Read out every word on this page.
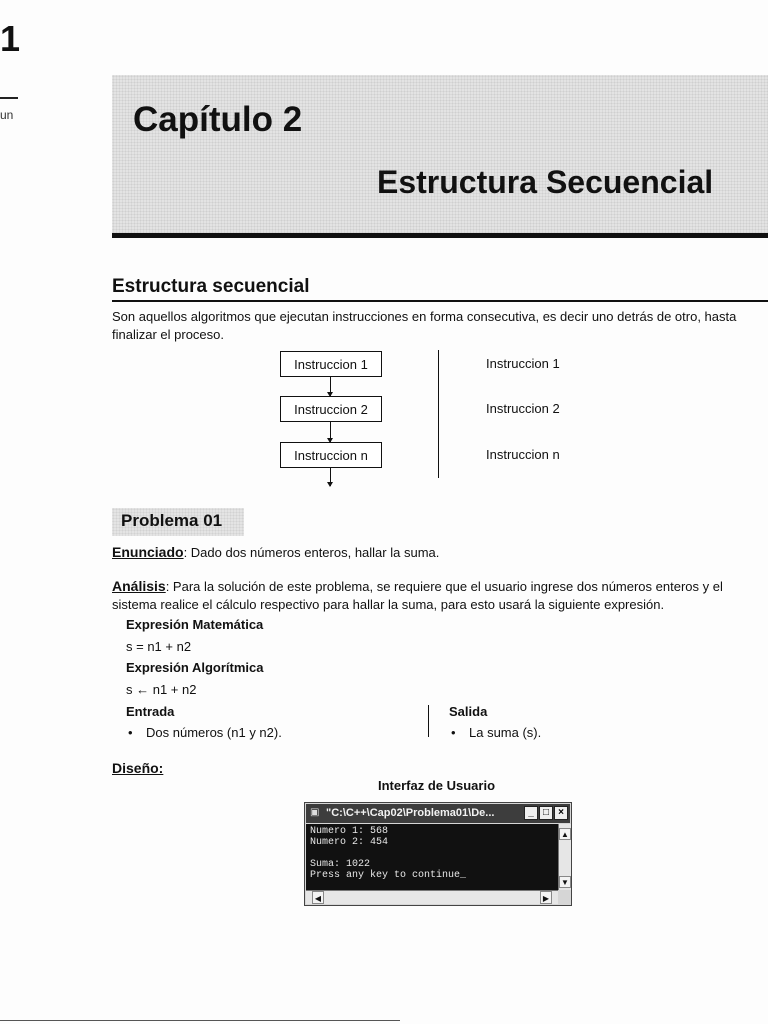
1
un	Capítulo 2
Estructura Secuencial
Estructura secuencial
Son aquellos algoritmos que ejecutan instrucciones en forma consecutiva, es decir uno detrás de otro, hasta finalizar el proceso.
Instruccion 1
Instruccion 2
Instruccion n
Instruccion 1
Instruccion 2
Instruccion n
Problema 01
Enunciado: Dado dos números enteros, hallar la suma.
Análisis: Para la solución de este problema, se requiere que el usuario ingrese dos números enteros y el sistema realice el cálculo respectivo para hallar la suma, para esto usará la siguiente expresión.
Expresión Matemática
s = n1 + n2
Expresión Algorítmica
s ← n1 + n2
Entrada
• Dos números (n1 y n2).
Salida
• La suma (s).
Diseño:
Interfaz de Usuario
▣ "C:\C++\Cap02\Problema01\De...	_ □ ×
Numero 1: 568
Numero 2: 454

Suma: 1022
Press any key to continue_
▲
▼
◀	▶
